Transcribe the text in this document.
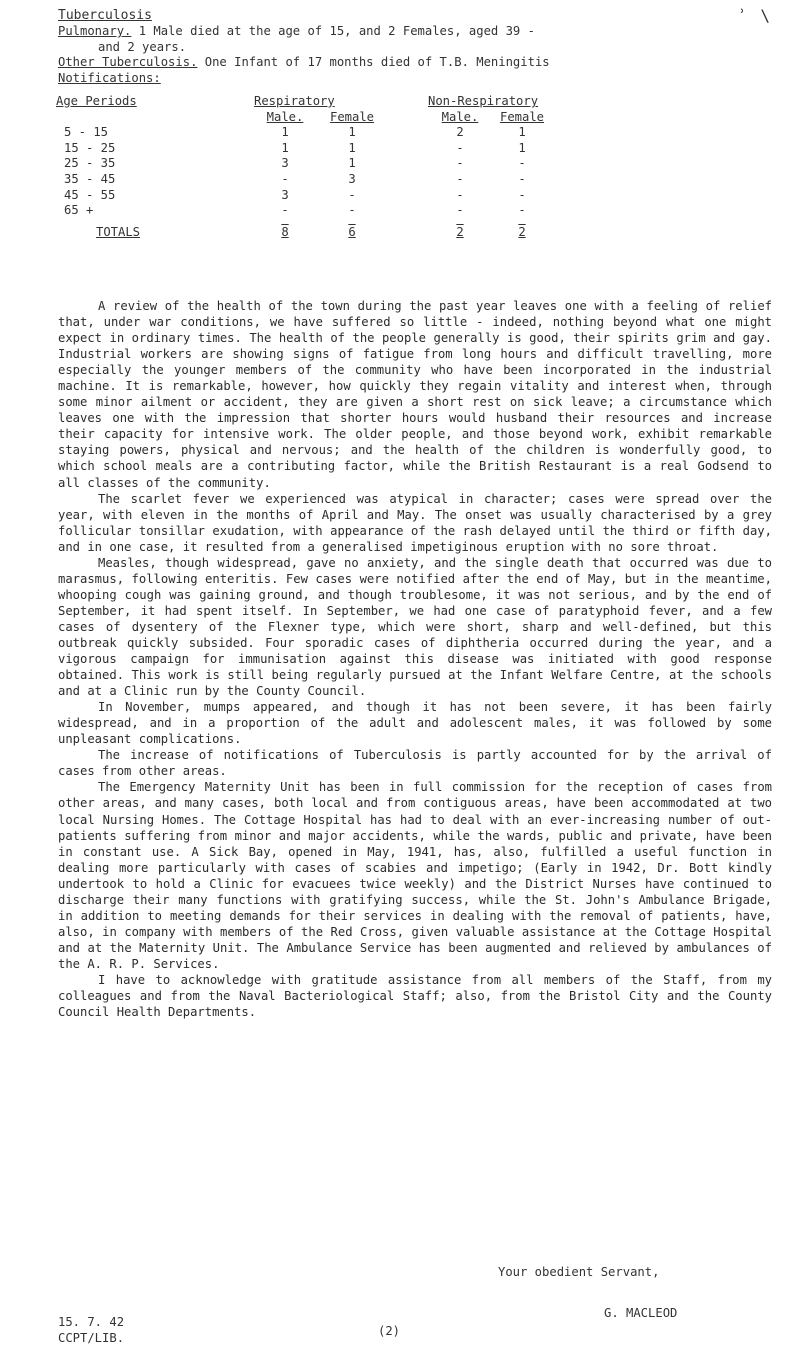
ʾ \
Tuberculosis

Pulmonary. 1 Male died at the age of 15, and 2 Females, aged 39 -

and 2 years.

Other Tuberculosis. One Infant of 17 months died of T.B. Meningitis

Notifications:

Age Periods		Respiratory			Non-Respiratory	
		Male.	Female		Male.	Female
5 - 15		1	1		2	1
15 - 25		1	1		-	1
25 - 35		3	1		-	-
35 - 45		-	3		-	-
45 - 55		3	-		-	-
65 +		-	-		-	-
TOTALS		8	6		2	2

A review of the health of the town during the past year leaves one with a feeling of relief that, under war conditions, we have suffered so little - indeed, nothing beyond what one might expect in ordinary times. The health of the people generally is good, their spirits grim and gay. Industrial workers are showing signs of fatigue from long hours and difficult travelling, more especially the younger members of the community who have been incorporated in the industrial machine. It is remarkable, however, how quickly they regain vitality and interest when, through some minor ailment or accident, they are given a short rest on sick leave; a circumstance which leaves one with the impression that shorter hours would husband their resources and increase their capacity for intensive work. The older people, and those beyond work, exhibit remarkable staying powers, physical and nervous; and the health of the children is wonderfully good, to which school meals are a contributing factor, while the British Restaurant is a real Godsend to all classes of the community.

The scarlet fever we experienced was atypical in character; cases were spread over the year, with eleven in the months of April and May. The onset was usually characterised by a grey follicular tonsillar exudation, with appearance of the rash delayed until the third or fifth day, and in one case, it resulted from a generalised impetiginous eruption with no sore throat.

Measles, though widespread, gave no anxiety, and the single death that occurred was due to marasmus, following enteritis. Few cases were notified after the end of May, but in the meantime, whooping cough was gaining ground, and though troublesome, it was not serious, and by the end of September, it had spent itself. In September, we had one case of paratyphoid fever, and a few cases of dysentery of the Flexner type, which were short, sharp and well-defined, but this outbreak quickly subsided. Four sporadic cases of diphtheria occurred during the year, and a vigorous campaign for immunisation against this disease was initiated with good response obtained. This work is still being regularly pursued at the Infant Welfare Centre, at the schools and at a Clinic run by the County Council.

In November, mumps appeared, and though it has not been severe, it has been fairly widespread, and in a proportion of the adult and adolescent males, it was followed by some unpleasant complications.

The increase of notifications of Tuberculosis is partly accounted for by the arrival of cases from other areas.

The Emergency Maternity Unit has been in full commission for the reception of cases from other areas, and many cases, both local and from contiguous areas, have been accommodated at two local Nursing Homes. The Cottage Hospital has had to deal with an ever-increasing number of out-patients suffering from minor and major accidents, while the wards, public and private, have been in constant use. A Sick Bay, opened in May, 1941, has, also, fulfilled a useful function in dealing more particularly with cases of scabies and impetigo; (Early in 1942, Dr. Bott kindly undertook to hold a Clinic for evacuees twice weekly) and the District Nurses have continued to discharge their many functions with gratifying success, while the St. John's Ambulance Brigade, in addition to meeting demands for their services in dealing with the removal of patients, have, also, in company with members of the Red Cross, given valuable assistance at the Cottage Hospital and at the Maternity Unit. The Ambulance Service has been augmented and relieved by ambulances of the A. R. P. Services.

I have to acknowledge with gratitude assistance from all members of the Staff, from my colleagues and from the Naval Bacteriological Staff; also, from the Bristol City and the County Council Health Departments.

Your obedient Servant,
G. MACLEOD
15. 7. 42
CCPT/LIB.	(2)
